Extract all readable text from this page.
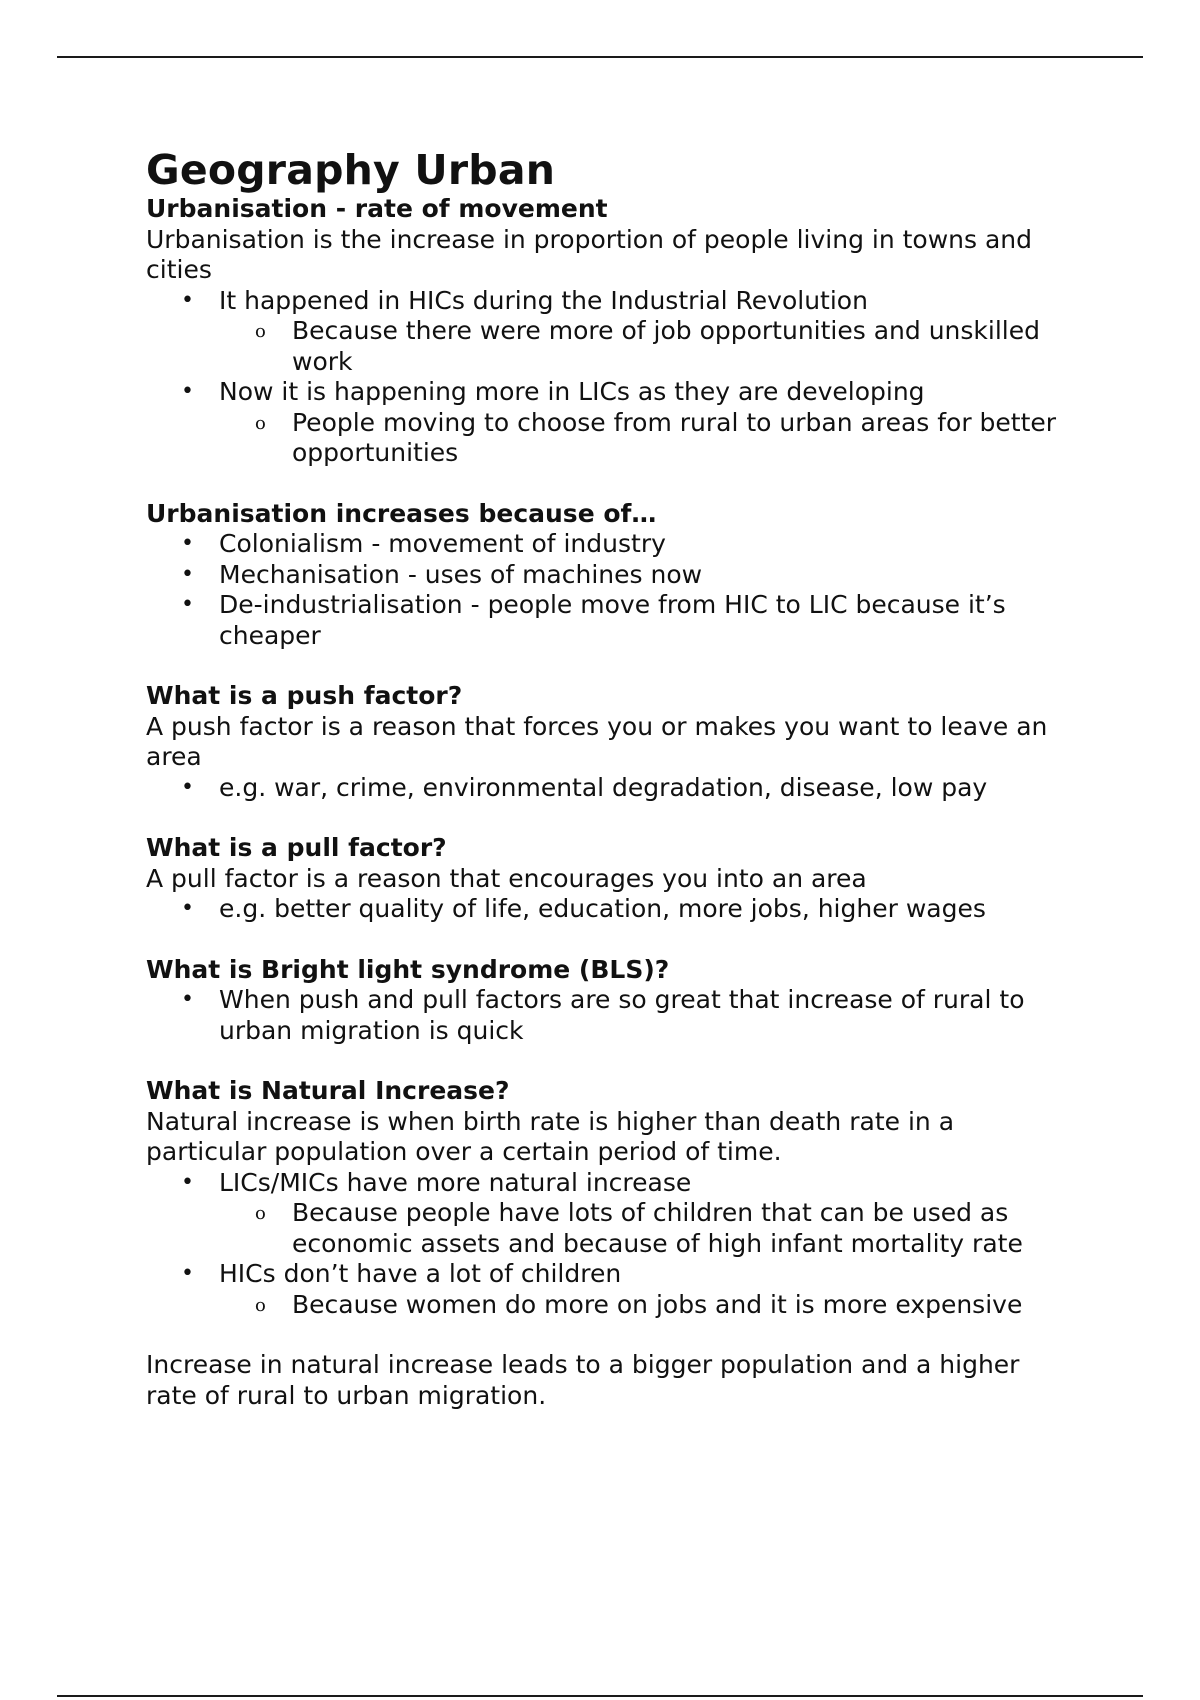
Geography Urban
Urbanisation - rate of movement

Urbanisation is the increase in proportion of people living in towns and cities

• It happened in HICs during the Industrial Revolution
o Because there were more of job opportunities and unskilled work
• Now it is happening more in LICs as they are developing
o People moving to choose from rural to urban areas for better opportunities
Urbanisation increases because of…
• Colonialism - movement of industry
• Mechanisation - uses of machines now
• De-industrialisation - people move from HIC to LIC because it’s cheaper
What is a push factor?

A push factor is a reason that forces you or makes you want to leave an area

• e.g. war, crime, environmental degradation, disease, low pay
What is a pull factor?

A pull factor is a reason that encourages you into an area

• e.g. better quality of life, education, more jobs, higher wages
What is Bright light syndrome (BLS)?
• When push and pull factors are so great that increase of rural to urban migration is quick
What is Natural Increase?

Natural increase is when birth rate is higher than death rate in a particular population over a certain period of time.

• LICs/MICs have more natural increase
o Because people have lots of children that can be used as economic assets and because of high infant mortality rate
• HICs don’t have a lot of children
o Because women do more on jobs and it is more expensive

Increase in natural increase leads to a bigger population and a higher rate of rural to urban migration.
